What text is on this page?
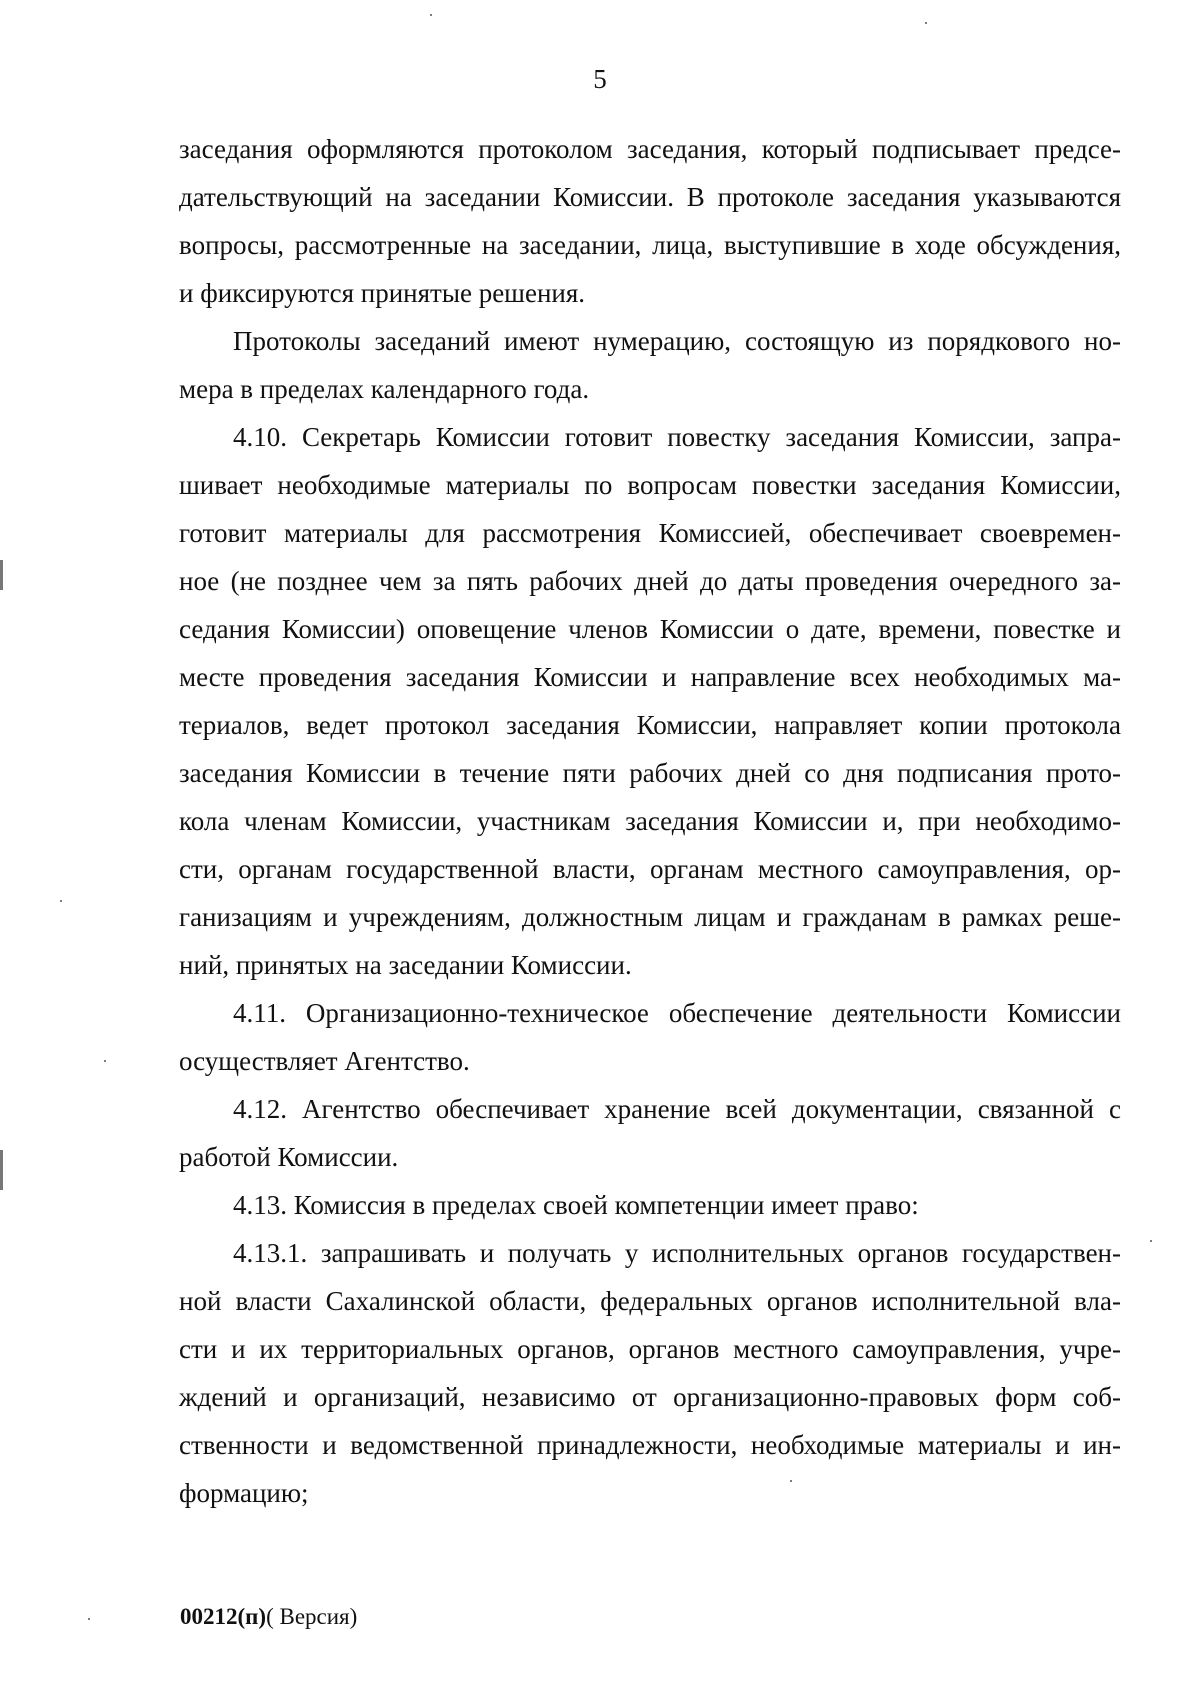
5
заседания оформляются протоколом заседания, который подписывает предсе-
дательствующий на заседании Комиссии. В протоколе заседания указываются
вопросы, рассмотренные на заседании, лица, выступившие в ходе обсуждения,
и фиксируются принятые решения.
Протоколы заседаний имеют нумерацию, состоящую из порядкового но-
мера в пределах календарного года.
4.10. Секретарь Комиссии готовит повестку заседания Комиссии, запра-
шивает необходимые материалы по вопросам повестки заседания Комиссии,
готовит материалы для рассмотрения Комиссией, обеспечивает своевремен-
ное (не позднее чем за пять рабочих дней до даты проведения очередного за-
седания Комиссии) оповещение членов Комиссии о дате, времени, повестке и
месте проведения заседания Комиссии и направление всех необходимых ма-
териалов, ведет протокол заседания Комиссии, направляет копии протокола
заседания Комиссии в течение пяти рабочих дней со дня подписания прото-
кола членам Комиссии, участникам заседания Комиссии и, при необходимо-
сти, органам государственной власти, органам местного самоуправления, ор-
ганизациям и учреждениям, должностным лицам и гражданам в рамках реше-
ний, принятых на заседании Комиссии.
4.11. Организационно-техническое обеспечение деятельности Комиссии
осуществляет Агентство.
4.12. Агентство обеспечивает хранение всей документации, связанной с
работой Комиссии.
4.13. Комиссия в пределах своей компетенции имеет право:
4.13.1. запрашивать и получать у исполнительных органов государствен-
ной власти Сахалинской области, федеральных органов исполнительной вла-
сти и их территориальных органов, органов местного самоуправления, учре-
ждений и организаций, независимо от организационно-правовых форм соб-
ственности и ведомственной принадлежности, необходимые материалы и ин-
формацию;
00212(п)( Версия)
